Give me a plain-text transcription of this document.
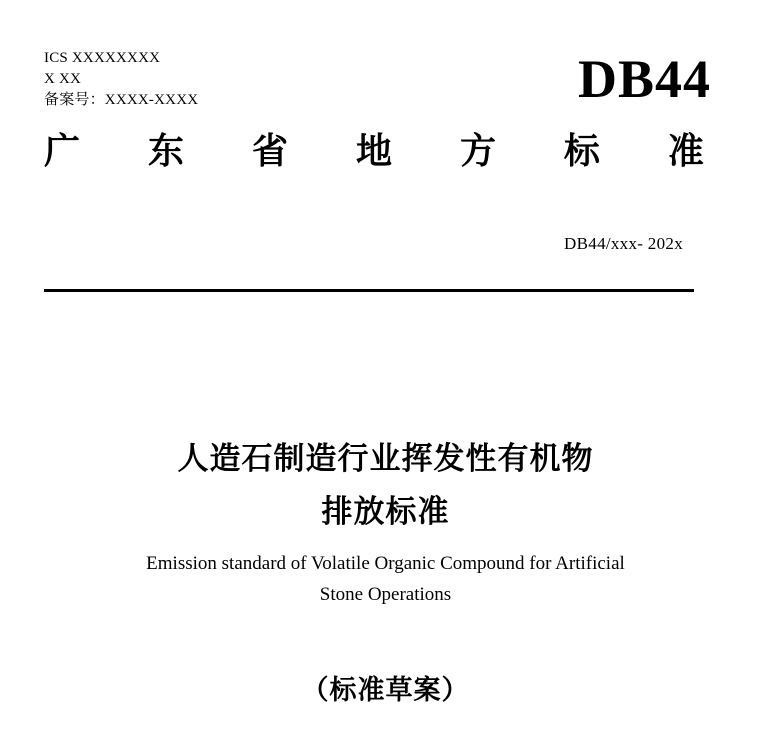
ICS XXXXXXXX
X XX
备案号：XXXX-XXXX	DB44
广 东 省 地 方 标 准
DB44/xxx- 202x
人造石制造行业挥发性有机物
排放标准
Emission standard of Volatile Organic Compound for Artificial
Stone Operations
（标准草案）
